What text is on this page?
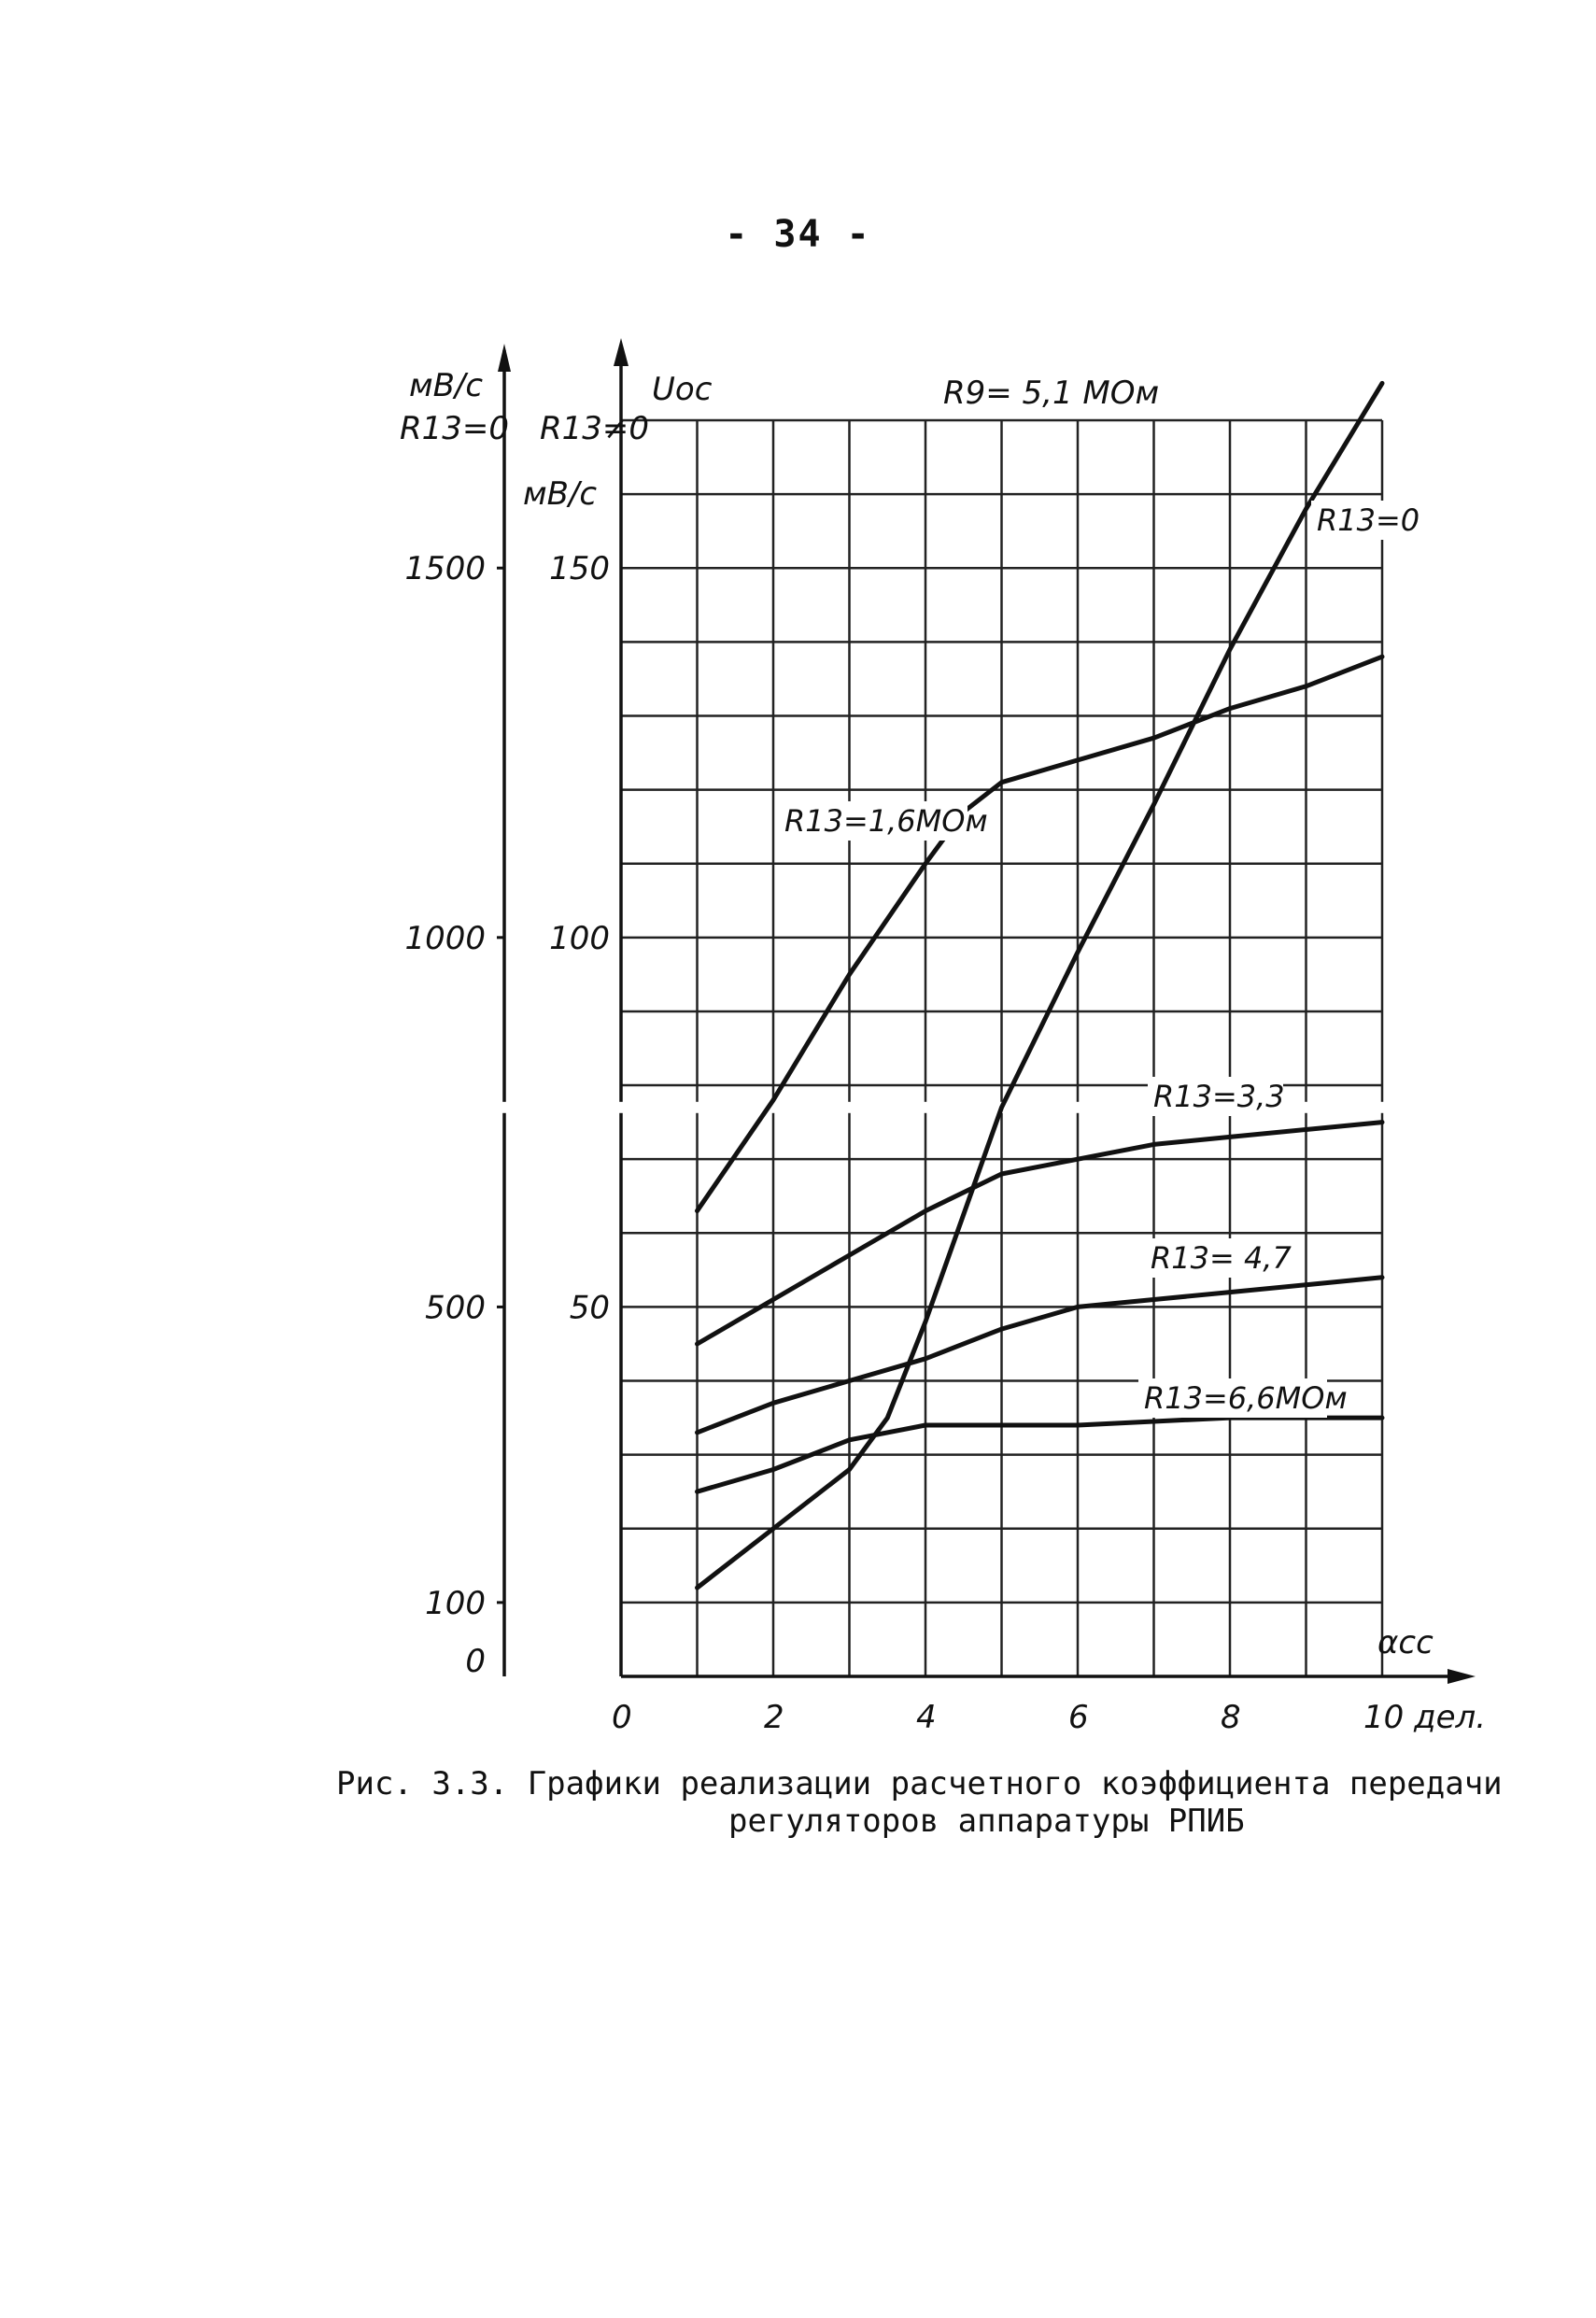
- 34 -
R9= 5,1 МОм
Uос
αсс
мВ/с
R13=0
мВ/с
R13≠0
0	2	4	6	8	10 дел.
0
100
500
1000
1500
50
100
150
R13=0
R13=1,6МОм
R13=3,3
R13= 4,7
R13=6,6МОм
Рис. 3.3. Графики реализации расчетного коэффициента передачи
регуляторов аппаратуры РПИБ
